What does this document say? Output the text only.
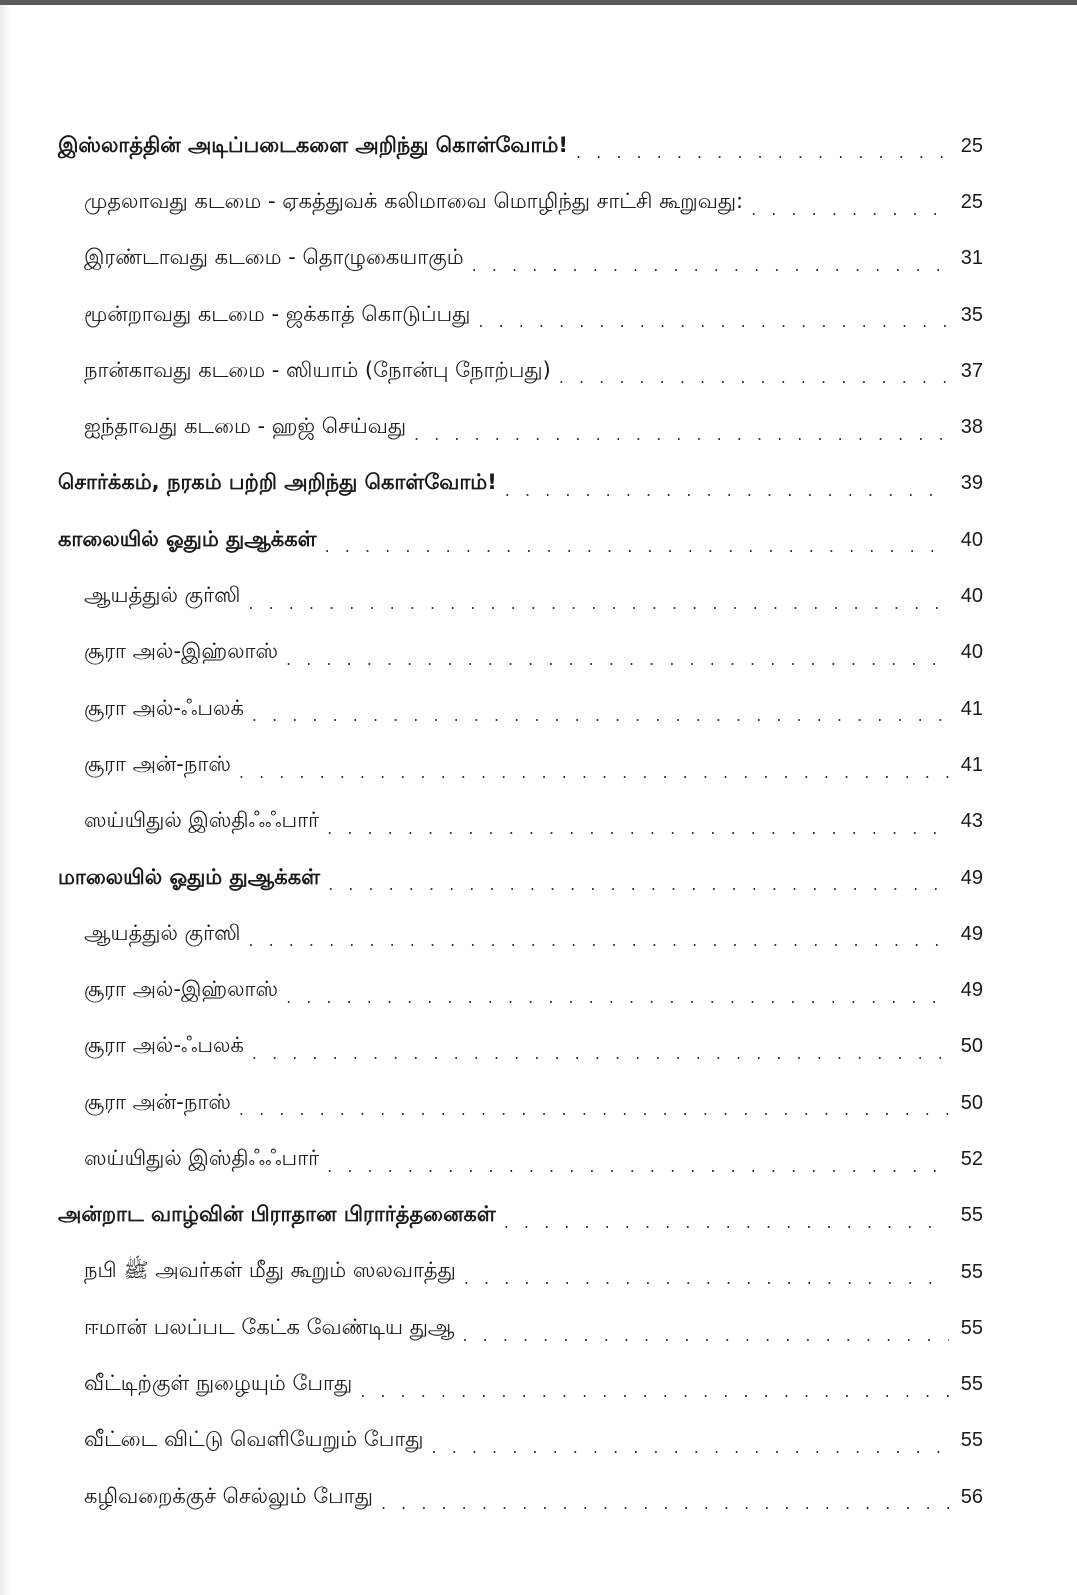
இஸ்லாத்தின் அடிப்படைகளை அறிந்து கொள்வோம்! . . .	25
முதலாவது கடமை - ஏகத்துவக் கலிமாவை மொழிந்து சாட்சி கூறுவது: . . .	25
இரண்டாவது கடமை - தொழுகையாகும் . . .	31
மூன்றாவது கடமை - ஜக்காத் கொடுப்பது . . .	35
நான்காவது கடமை - ஸியாம் (நோன்பு நோற்பது) . . .	37
ஐந்தாவது கடமை - ஹஜ் செய்வது . . .	38
சொர்க்கம், நரகம் பற்றி அறிந்து கொள்வோம்! . . .	39
காலையில் ஓதும் துஆக்கள் . . .	40
ஆயத்துல் குர்ஸி . . .	40
சூரா அல்-இஹ்லாஸ் . . .	40
சூரா அல்-ஃபலக் . . .	41
சூரா அன்-நாஸ் . . .	41
ஸய்யிதுல் இஸ்திஃஃபார் . . .	43
மாலையில் ஓதும் துஆக்கள் . . .	49
ஆயத்துல் குர்ஸி . . .	49
சூரா அல்-இஹ்லாஸ் . . .	49
சூரா அல்-ஃபலக் . . .	50
சூரா அன்-நாஸ் . . .	50
ஸய்யிதுல் இஸ்திஃஃபார் . . .	52
அன்றாட வாழ்வின் பிராதான பிரார்த்தனைகள் . . .	55
நபி ﷺ அவர்கள் மீது கூறும் ஸலவாத்து . . .	55
ஈமான் பலப்பட கேட்க வேண்டிய துஆ . . .	55
வீட்டிற்குள் நுழையும் போது . . .	55
வீட்டை விட்டு வெளியேறும் போது . . .	55
கழிவறைக்குச் செல்லும் போது . . .	56
